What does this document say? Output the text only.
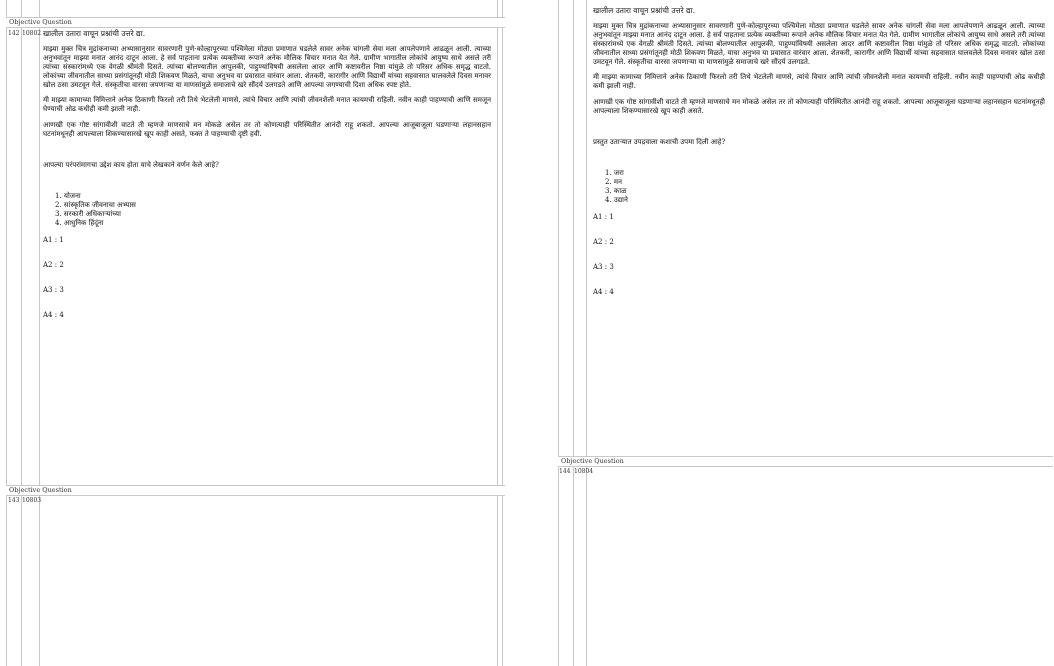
Objective Question
142 10802 खालील उतारा वाचून प्रश्नांची उत्तरे द्या.

माझ्या मुक्त चित्र मुद्रांकनाच्या अभ्यासानुसार सावरणारी पुणे-कोल्हापूरच्या पश्चिमेला मोठ्या प्रमाणात घडलेले सावर अनेक चांगली सेवा मला आपलेपणाने आढळून आली. त्याच्या अनुभवांतून माझ्या मनात आनंद दाटून आला. हे सर्व पाहताना प्रत्येक व्यक्तीच्या रूपाने अनेक मौलिक विचार मनात येत गेले. ग्रामीण भागातील लोकांचे आयुष्य साधे असले तरी त्यांच्या संस्कारांमध्ये एक वेगळी श्रीमंती दिसते. त्यांच्या बोलण्यातील आपुलकी, पाहुण्यांविषयी असलेला आदर आणि कष्टावरील निष्ठा यांमुळे तो परिसर अधिक समृद्ध वाटतो. लोकांच्या जीवनातील साध्या प्रसंगांतूनही मोठी शिकवण मिळते, याचा अनुभव या प्रवासात वारंवार आला. शेतकरी, कारागीर आणि विद्यार्थी यांच्या सहवासात घालवलेले दिवस मनावर खोल ठसा उमटवून गेले. संस्कृतीचा वारसा जपणाऱ्या या माणसांमुळे समाजाचे खरे सौंदर्य उलगडते आणि आपल्या जगण्याची दिशा अधिक स्पष्ट होते.

मी माझ्या कामाच्या निमित्ताने अनेक ठिकाणी फिरलो तरी तिथे भेटलेली माणसे, त्यांचे विचार आणि त्यांची जीवनशैली मनात कायमची राहिली. नवीन काही पाहण्याची आणि समजून घेण्याची ओढ कधीही कमी झाली नाही.

आणखी एक गोष्ट सांगावीशी वाटते ती म्हणजे माणसाचे मन मोकळे असेल तर तो कोणत्याही परिस्थितीत आनंदी राहू शकतो. आपल्या आजूबाजूला घडणाऱ्या लहानसहान घटनांमधूनही आपल्याला शिकण्यासारखे खूप काही असते, फक्त ते पाहण्याची दृष्टी हवी.

आपल्या परंपरांमागचा उद्देश काय होता याचे लेखकाने वर्णन केले आहे?

1. योजना
2. सांस्कृतिक जीवनाचा अभ्यास
3. सरकारी अधिकाऱ्यांच्या
4. आधुनिक हिंदूंना
A1 : 1
A2 : 2
A3 : 3
A4 : 4
Objective Question
143 10803

खालील उतारा वाचून प्रश्नांची उत्तरे द्या.

माझ्या मुक्त चित्र मुद्रांकनाच्या अभ्यासानुसार सावरणारी पुणे-कोल्हापूरच्या पश्चिमेला मोठ्या प्रमाणात घडलेले सावर अनेक चांगली सेवा मला आपलेपणाने आढळून आली. त्याच्या अनुभवांतून माझ्या मनात आनंद दाटून आला. हे सर्व पाहताना प्रत्येक व्यक्तीच्या रूपाने अनेक मौलिक विचार मनात येत गेले. ग्रामीण भागातील लोकांचे आयुष्य साधे असले तरी त्यांच्या संस्कारांमध्ये एक वेगळी श्रीमंती दिसते. त्यांच्या बोलण्यातील आपुलकी, पाहुण्यांविषयी असलेला आदर आणि कष्टावरील निष्ठा यांमुळे तो परिसर अधिक समृद्ध वाटतो. लोकांच्या जीवनातील साध्या प्रसंगांतूनही मोठी शिकवण मिळते, याचा अनुभव या प्रवासात वारंवार आला. शेतकरी, कारागीर आणि विद्यार्थी यांच्या सहवासात घालवलेले दिवस मनावर खोल ठसा उमटवून गेले. संस्कृतीचा वारसा जपणाऱ्या या माणसांमुळे समाजाचे खरे सौंदर्य उलगडते.

मी माझ्या कामाच्या निमित्ताने अनेक ठिकाणी फिरलो तरी तिथे भेटलेली माणसे, त्यांचे विचार आणि त्यांची जीवनशैली मनात कायमची राहिली. नवीन काही पाहण्याची ओढ कधीही कमी झाली नाही.

आणखी एक गोष्ट सांगावीशी वाटते ती म्हणजे माणसाचे मन मोकळे असेल तर तो कोणत्याही परिस्थितीत आनंदी राहू शकतो. आपल्या आजूबाजूला घडणाऱ्या लहानसहान घटनांमधूनही आपल्याला शिकण्यासारखे खूप काही असते.

प्रस्तुत उताऱ्यात उपद्रवाला कशाची उपमा दिली आहे?

1. जरा
2. मन
3. काळ
4. उद्याने
A1 : 1
A2 : 2
A3 : 3
A4 : 4
Objective Question
144 10804
